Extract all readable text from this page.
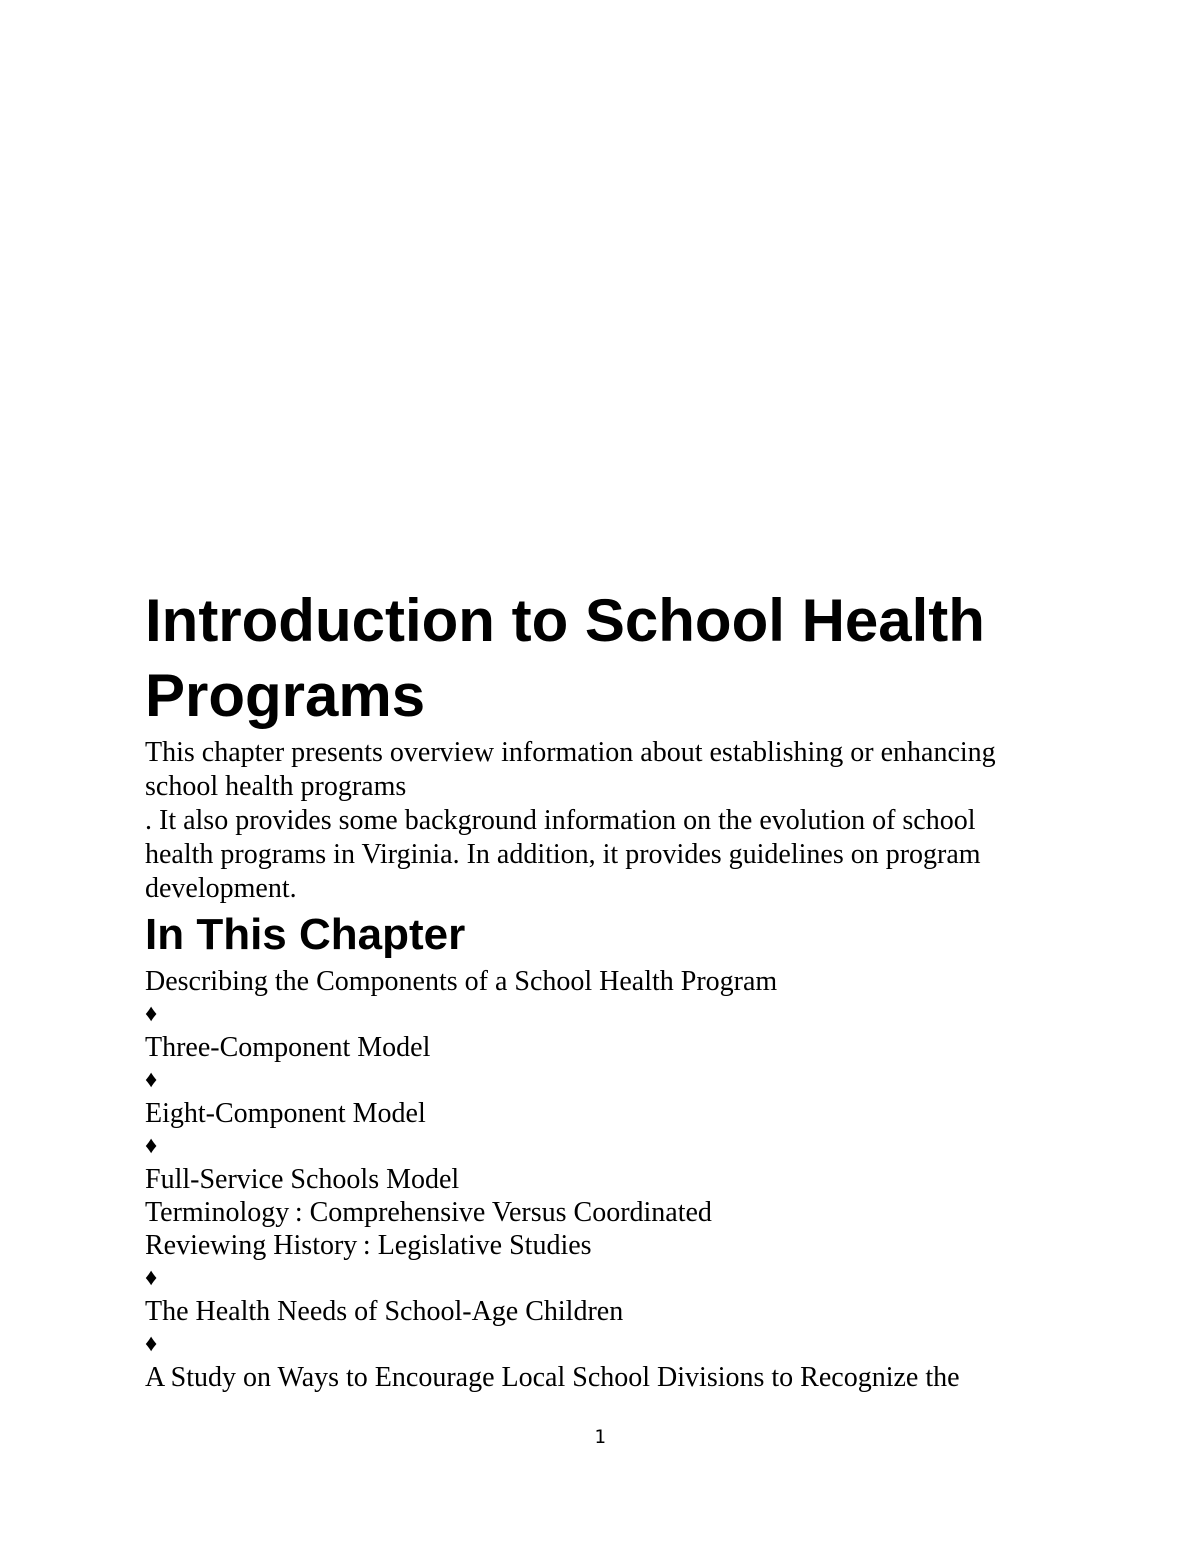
Introduction to School Health
Programs
This chapter presents overview information about establishing or enhancing
school health programs
. It also provides some background information on the evolution of school
health programs in Virginia. In addition, it provides guidelines on program
development.
In This Chapter
Describing the Components of a School Health Program
♦
Three-Component Model
♦
Eight-Component Model
♦
Full-Service Schools Model
Terminology : Comprehensive Versus Coordinated
Reviewing History : Legislative Studies
♦
The Health Needs of School-Age Children
♦
A Study on Ways to Encourage Local School Divisions to Recognize the
1
